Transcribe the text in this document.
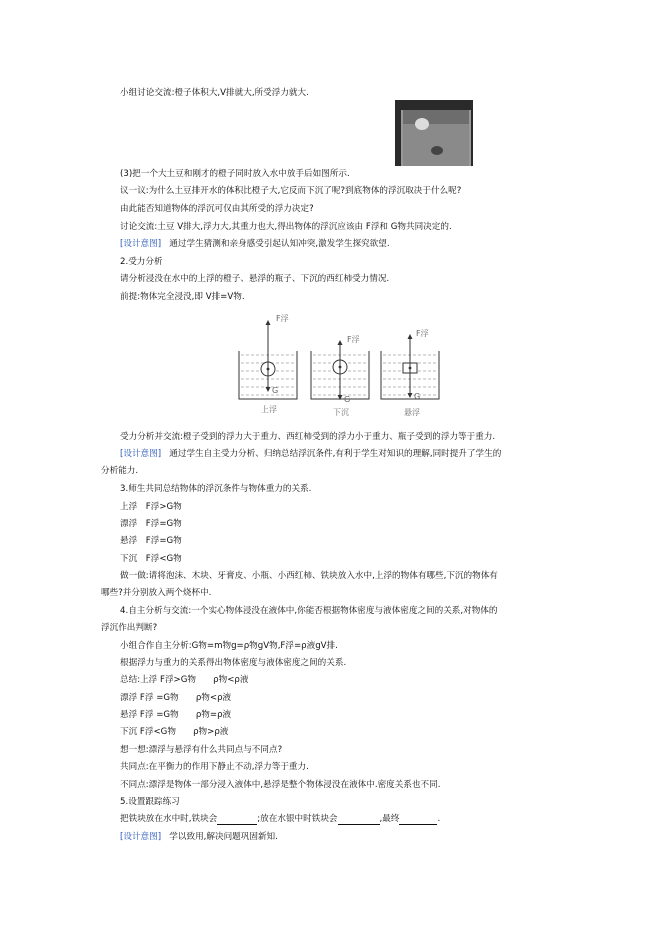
小组讨论交流:橙子体积大,V排就大,所受浮力就大.
(3)把一个大土豆和刚才的橙子同时放入水中放手后如图所示.
议一议:为什么土豆排开水的体积比橙子大,它反而下沉了呢?到底物体的浮沉取决于什么呢?
由此能否知道物体的浮沉可仅由其所受的浮力决定?
讨论交流:土豆 V排大,浮力大,其重力也大,得出物体的浮沉应该由 F浮和 G物共同决定的.
[设计意图] 通过学生猜测和亲身感受引起认知冲突,激发学生探究欲望.
2.受力分析
请分析浸没在水中的上浮的橙子、悬浮的瓶子、下沉的西红柿受力情况.
前提:物体完全浸没,即 V排=V物.
F浮
F浮
F浮
G
G	G
上浮	下沉	悬浮
受力分析并交流:橙子受到的浮力大于重力、西红柿受到的浮力小于重力、瓶子受到的浮力等于重力.
[设计意图] 通过学生自主受力分析、归纳总结浮沉条件,有利于学生对知识的理解,同时提升了学生的
分析能力.
3.师生共同总结物体的浮沉条件与物体重力的关系.
上浮　F浮>G物
漂浮　F浮=G物
悬浮　F浮=G物
下沉　F浮<G物
做一做:请将泡沫、木块、牙膏皮、小瓶、小西红柿、铁块放入水中,上浮的物体有哪些,下沉的物体有
哪些?并分别放入两个烧杯中.
4.自主分析与交流:一个实心物体浸没在液体中,你能否根据物体密度与液体密度之间的关系,对物体的
浮沉作出判断?
小组合作自主分析:G物=m物g=ρ物gV物,F浮=ρ液gV排.
根据浮力与重力的关系得出物体密度与液体密度之间的关系.
总结:上浮 F浮>G物　　ρ物<ρ液
漂浮 F浮 =G物　　ρ物<ρ液
悬浮 F浮 =G物　　ρ物=ρ液
下沉 F浮<G物　　ρ物>ρ液
想一想:漂浮与悬浮有什么共同点与不同点?
共同点:在平衡力的作用下静止不动,浮力等于重力.
不同点:漂浮是物体一部分浸入液体中,悬浮是整个物体浸没在液体中.密度关系也不同.
5.设置跟踪练习
把铁块放在水中时,铁块会	;放在水银中时铁块会	,最终	.
[设计意图] 学以致用,解决问题巩固新知.
